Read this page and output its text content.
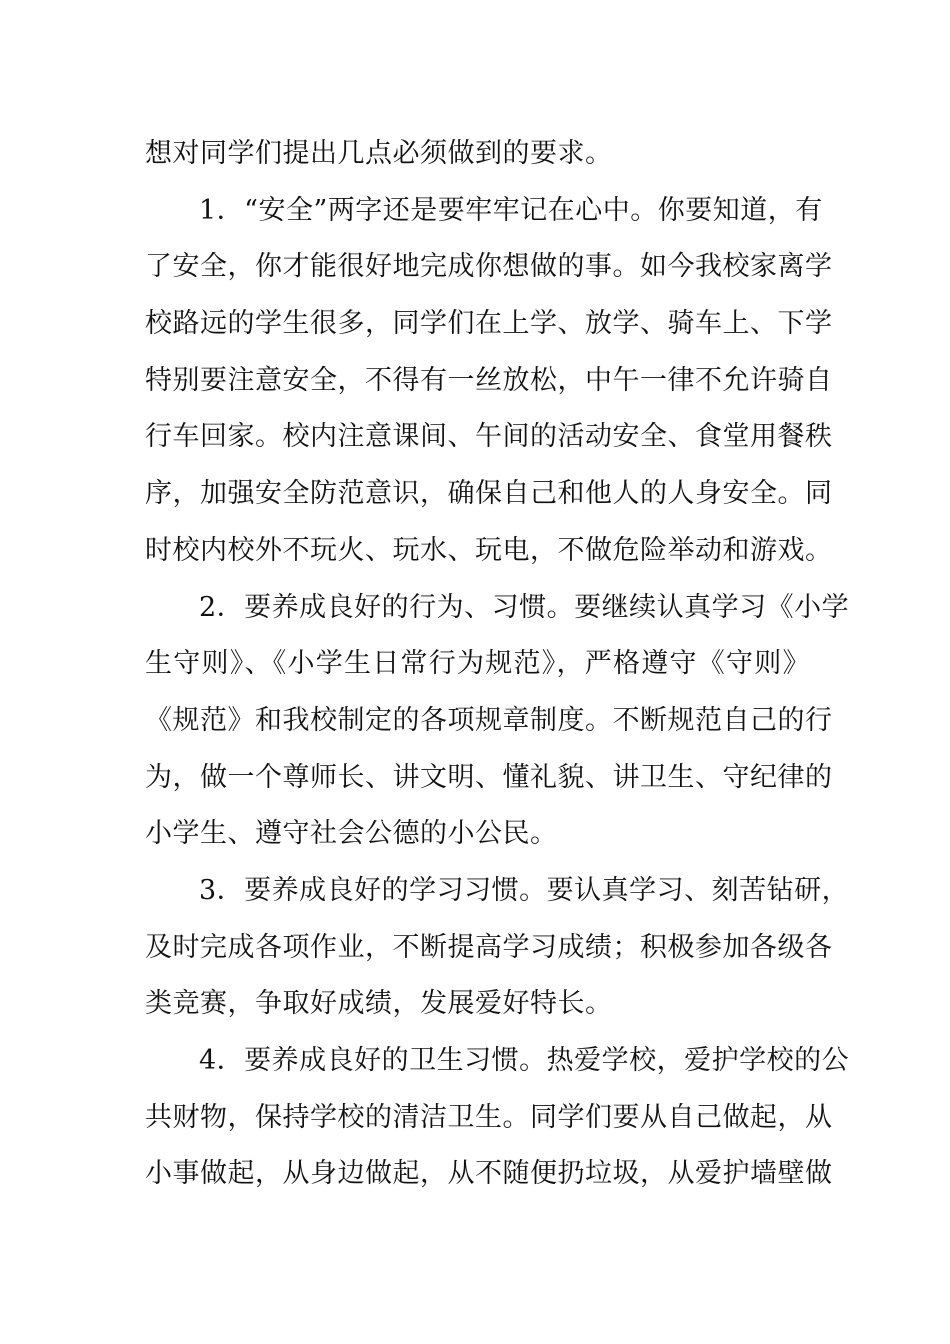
想对同学们提出几点必须做到的要求。
1．“安全”两字还是要牢牢记在心中。你要知道，有
了安全，你才能很好地完成你想做的事。如今我校家离学
校路远的学生很多，同学们在上学、放学、骑车上、下学
特别要注意安全，不得有一丝放松，中午一律不允许骑自
行车回家。校内注意课间、午间的活动安全、食堂用餐秩
序，加强安全防范意识，确保自己和他人的人身安全。同
时校内校外不玩火、玩水、玩电，不做危险举动和游戏。
2．要养成良好的行为、习惯。要继续认真学习《小学
生守则》、《小学生日常行为规范》，严格遵守《守则》
《规范》和我校制定的各项规章制度。不断规范自己的行
为，做一个尊师长、讲文明、懂礼貌、讲卫生、守纪律的
小学生、遵守社会公德的小公民。
3．要养成良好的学习习惯。要认真学习、刻苦钻研，
及时完成各项作业，不断提高学习成绩；积极参加各级各
类竞赛，争取好成绩，发展爱好特长。
4．要养成良好的卫生习惯。热爱学校，爱护学校的公
共财物，保持学校的清洁卫生。同学们要从自己做起，从
小事做起，从身边做起，从不随便扔垃圾，从爱护墙壁做
